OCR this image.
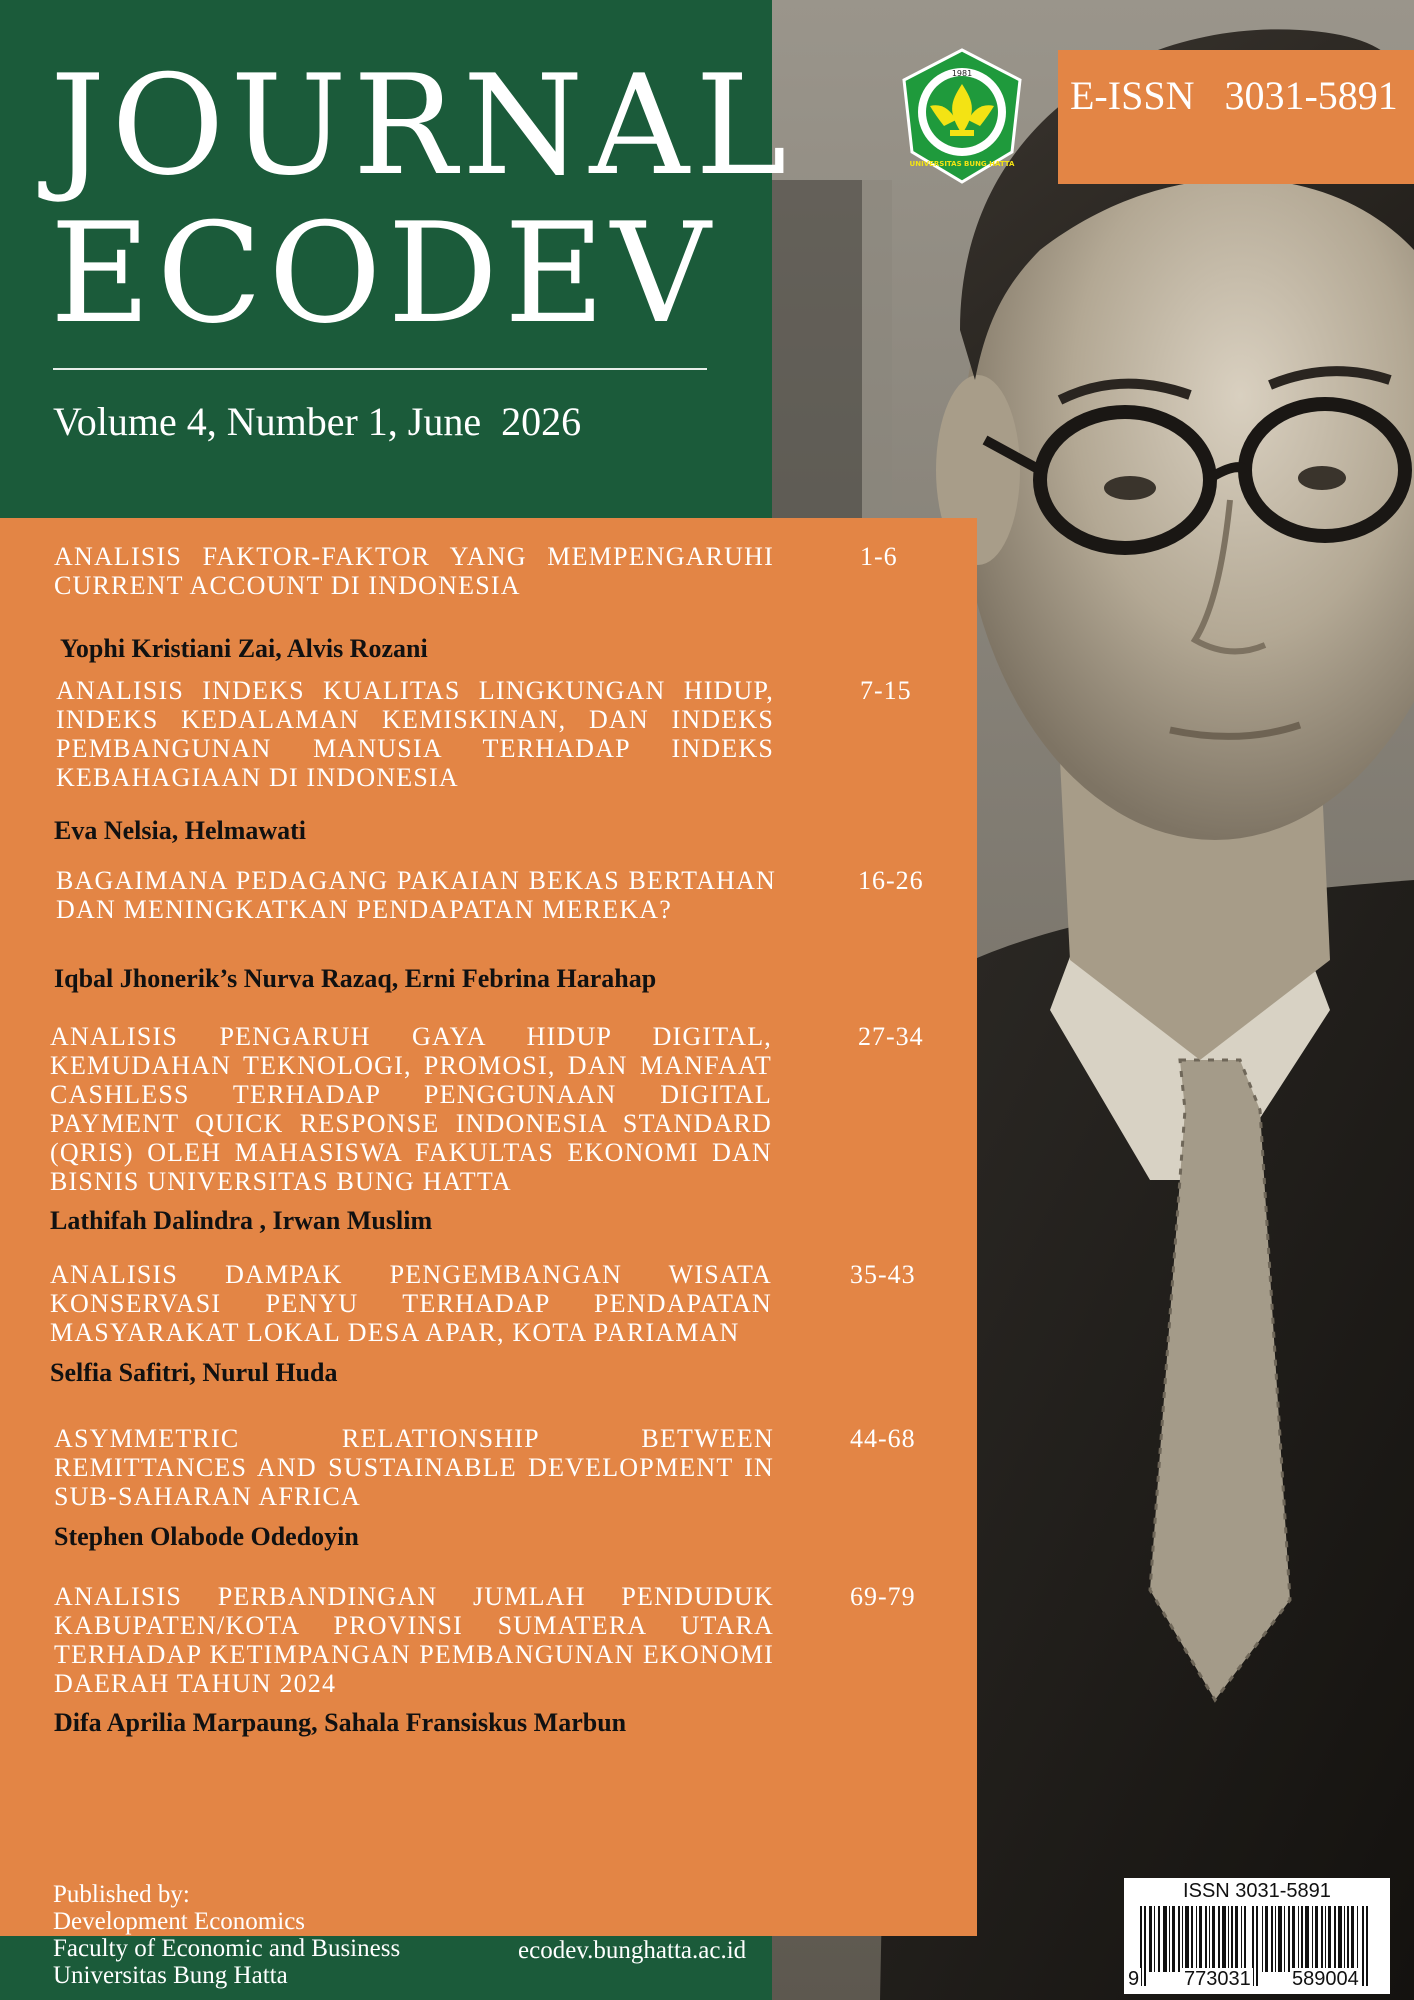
JOURNAL
ECODEV
Volume 4, Number 1, June  2026
1981
UNIVERSITAS BUNG HATTA
E-ISSN   3031-5891
ANALISIS FAKTOR-FAKTOR YANG MEMPENGARUHI CURRENT ACCOUNT DI INDONESIA
1-6
Yophi Kristiani Zai, Alvis Rozani
ANALISIS INDEKS KUALITAS LINGKUNGAN HIDUP, INDEKS KEDALAMAN KEMISKINAN, DAN INDEKS PEMBANGUNAN MANUSIA TERHADAP INDEKS KEBAHAGIAAN DI INDONESIA
7-15
Eva Nelsia, Helmawati
BAGAIMANA PEDAGANG PAKAIAN BEKAS BERTAHAN DAN MENINGKATKAN PENDAPATAN MEREKA?
16-26
Iqbal Jhonerik’s Nurva Razaq, Erni Febrina Harahap
ANALISIS PENGARUH GAYA HIDUP DIGITAL, KEMUDAHAN TEKNOLOGI, PROMOSI, DAN MANFAAT CASHLESS TERHADAP PENGGUNAAN DIGITAL PAYMENT QUICK RESPONSE INDONESIA STANDARD (QRIS) OLEH MAHASISWA FAKULTAS EKONOMI DAN BISNIS UNIVERSITAS BUNG HATTA
27-34
Lathifah Dalindra , Irwan Muslim
ANALISIS DAMPAK PENGEMBANGAN WISATA KONSERVASI PENYU TERHADAP PENDAPATAN MASYARAKAT LOKAL DESA APAR, KOTA PARIAMAN
35-43
Selfia Safitri, Nurul Huda
ASYMMETRIC RELATIONSHIP BETWEEN REMITTANCES AND SUSTAINABLE DEVELOPMENT IN SUB-SAHARAN AFRICA
44-68
Stephen Olabode Odedoyin
ANALISIS PERBANDINGAN JUMLAH PENDUDUK KABUPATEN/KOTA PROVINSI SUMATERA UTARA TERHADAP KETIMPANGAN PEMBANGUNAN EKONOMI DAERAH TAHUN 2024
69-79
Difa Aprilia Marpaung, Sahala Fransiskus Marbun
Published by:
Development Economics
Faculty of Economic and Business
Universitas Bung Hatta
ecodev.bunghatta.ac.id
ISSN 3031-5891
9 773031 589004
